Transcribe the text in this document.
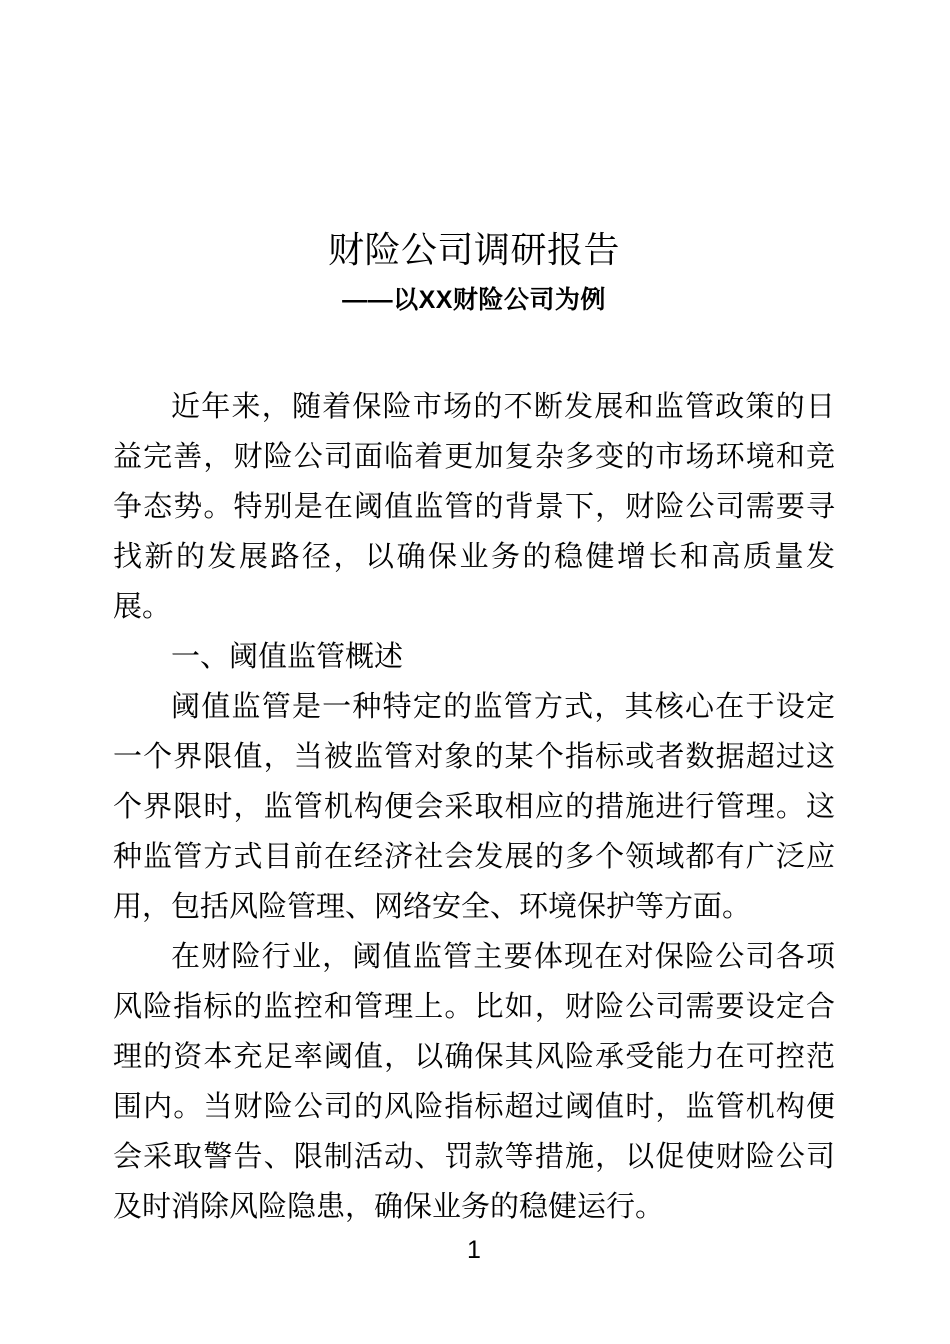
财险公司调研报告
——以XX财险公司为例

近年来，随着保险市场的不断发展和监管政策的日益完善，财险公司面临着更加复杂多变的市场环境和竞争态势。特别是在阈值监管的背景下，财险公司需要寻找新的发展路径，以确保业务的稳健增长和高质量发展。

一、阈值监管概述

阈值监管是一种特定的监管方式，其核心在于设定一个界限值，当被监管对象的某个指标或者数据超过这个界限时，监管机构便会采取相应的措施进行管理。这种监管方式目前在经济社会发展的多个领域都有广泛应用，包括风险管理、网络安全、环境保护等方面。

在财险行业，阈值监管主要体现在对保险公司各项风险指标的监控和管理上。比如，财险公司需要设定合理的资本充足率阈值，以确保其风险承受能力在可控范围内。当财险公司的风险指标超过阈值时，监管机构便会采取警告、限制活动、罚款等措施，以促使财险公司及时消除风险隐患，确保业务的稳健运行。

1
